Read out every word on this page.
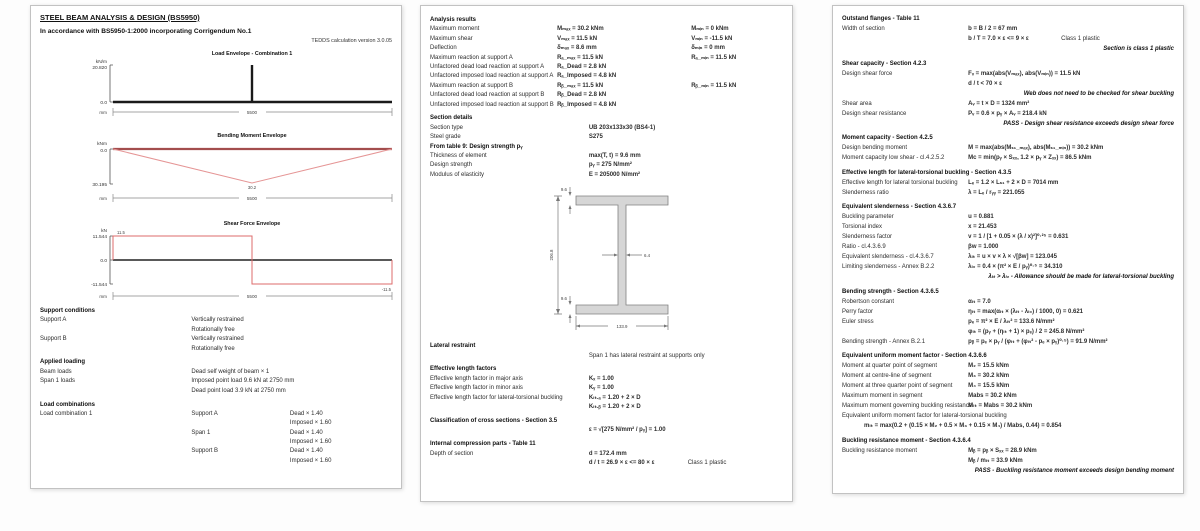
STEEL BEAM ANALYSIS & DESIGN (BS5950)
In accordance with BS5950-1:2000 incorporating Corrigendum No.1
TEDDS calculation version 3.0.05
Load Envelope - Combination 1
kN/m
20.820
0.0
5500
mm
Bending Moment Envelope
kNm
0.0
30.195	30.2
5500
mm
Shear Force Envelope
kN
11.544
0.0
-11.544
11.5
-11.5
5500
mm
Support conditions
Support A	Vertically restrained
Rotationally free
Support B	Vertically restrained
Rotationally free
Applied loading
Beam loads	Dead self weight of beam × 1
Span 1 loads	Imposed point load 9.6 kN at 2750 mm
Dead point load 3.9 kN at 2750 mm
Load combinations
Load combination 1	Support A	Dead × 1.40
Imposed × 1.60
Span 1	Dead × 1.40
Imposed × 1.60
Support B	Dead × 1.40
Imposed × 1.60
Analysis results
Maximum moment	Mₘₐₓ = 30.2 kNm	Mₘᵢₙ = 0 kNm
Maximum shear	Vₘₐₓ = 11.5 kN	Vₘᵢₙ = -11.5 kN
Deflection	δₘₐₓ = 8.6 mm	δₘᵢₙ = 0 mm
Maximum reaction at support A	Rₐ_ₘₐₓ = 11.5 kN	Rₐ_ₘᵢₙ = 11.5 kN
Unfactored dead load reaction at support A Rₐ_Dead = 2.8 kN
Unfactored imposed load reaction at support A Rₐ_Imposed = 4.8 kN
Maximum reaction at support B	Rᵦ_ₘₐₓ = 11.5 kN	Rᵦ_ₘᵢₙ = 11.5 kN
Unfactored dead load reaction at support B Rᵦ_Dead = 2.8 kN
Unfactored imposed load reaction at support B Rᵦ_Imposed = 4.8 kN
Section details
Section type	UB 203x133x30 (BS4-1)
Steel grade	S275
From table 9: Design strength pᵧ
Thickness of element	max(T, t) = 9.6 mm
Design strength	pᵧ = 275 N/mm²
Modulus of elasticity	E = 205000 N/mm²
206.8
9.6
9.6
6.4
133.9
Lateral restraint
Span 1 has lateral restraint at supports only
Effective length factors
Effective length factor in major axis	Kₓ = 1.00
Effective length factor in minor axis	Kᵧ = 1.00
Effective length factor for lateral-torsional buckling	Kₗₜ.ₐ = 1.20 + 2 × D
Kₗₜ.ᵦ = 1.20 + 2 × D
Classification of cross sections - Section 3.5
ε = √[275 N/mm² / pᵧ] = 1.00
Internal compression parts - Table 11
Depth of section	d = 172.4 mm
d / t = 26.9 × ε <= 80 × ε	Class 1 plastic
Outstand flanges - Table 11
Width of section	b = B / 2 = 67 mm
b / T = 7.0 × ε <= 9 × ε	Class 1 plastic
Section is class 1 plastic
Shear capacity - Section 4.2.3
Design shear force	Fᵥ = max(abs(Vₘₐₓ), abs(Vₘᵢₙ)) = 11.5 kN
d / t < 70 × ε
Web does not need to be checked for shear buckling
Shear area	Aᵥ = t × D = 1324 mm²
Design shear resistance	Pᵥ = 0.6 × pᵧ × Aᵥ = 218.4 kN
PASS - Design shear resistance exceeds design shear force
Moment capacity - Section 4.2.5
Design bending moment	M = max(abs(Mₛ₁_ₘₐₓ), abs(Mₛ₁_ₘᵢₙ)) = 30.2 kNm
Moment capacity low shear - cl.4.2.5.2	Mc = min(pᵧ × Sₓₓ, 1.2 × pᵧ × Zₓₓ) = 86.5 kNm
Effective length for lateral-torsional buckling - Section 4.3.5
Effective length for lateral torsional buckling Lₑ = 1.2 × Lₛ₁ + 2 × D = 7014 mm
Slenderness ratio	λ = Lₑ / rᵧᵧ = 221.055
Equivalent slenderness - Section 4.3.6.7
Buckling parameter	u = 0.881
Torsional index	x = 21.453
Slenderness factor	v = 1 / [1 + 0.05 × (λ / x)²]⁰·²⁵ = 0.631
Ratio - cl.4.3.6.9	βw = 1.000
Equivalent slenderness - cl.4.3.6.7	λₗₜ = u × v × λ × √[βw] = 123.045
Limiting slenderness - Annex B.2.2	λₗ₀ = 0.4 × (π² × E / pᵧ)⁰·⁵ = 34.310
λₗₜ > λₗ₀ - Allowance should be made for lateral-torsional buckling
Bending strength - Section 4.3.6.5
Robertson constant	αₗₜ = 7.0
Perry factor	ηₗₜ = max(αₗₜ × (λₗₜ - λₗ₀) / 1000, 0) = 0.621
Euler stress	pₑ = π² × E / λₗₜ² = 133.6 N/mm²
φₗₜ = (pᵧ + (ηₗₜ + 1) × pₑ) / 2 = 245.8 N/mm²
Bending strength - Annex B.2.1	pᵦ = pₑ × pᵧ / (φₗₜ + (φₗₜ² - pₑ × pᵧ)⁰·⁵) = 91.9 N/mm²
Equivalent uniform moment factor - Section 4.3.6.6
Moment at quarter point of segment	M₂ = 15.5 kNm
Moment at centre-line of segment	M₃ = 30.2 kNm
Moment at three quarter point of segment	M₄ = 15.5 kNm
Maximum moment in segment	Mabs = 30.2 kNm
Maximum moment governing buckling resistance
Mₗₜ = Mabs = 30.2 kNm
Equivalent uniform moment factor for lateral-torsional buckling
mₗₜ = max(0.2 + (0.15 × M₂ + 0.5 × M₃ + 0.15 × M₄) / Mabs, 0.44) = 0.854
Buckling resistance moment - Section 4.3.6.4
Buckling resistance moment	Mᵦ = pᵦ × Sₓₓ = 28.9 kNm
Mᵦ / mₗₜ = 33.9 kNm
PASS - Buckling resistance moment exceeds design bending moment
